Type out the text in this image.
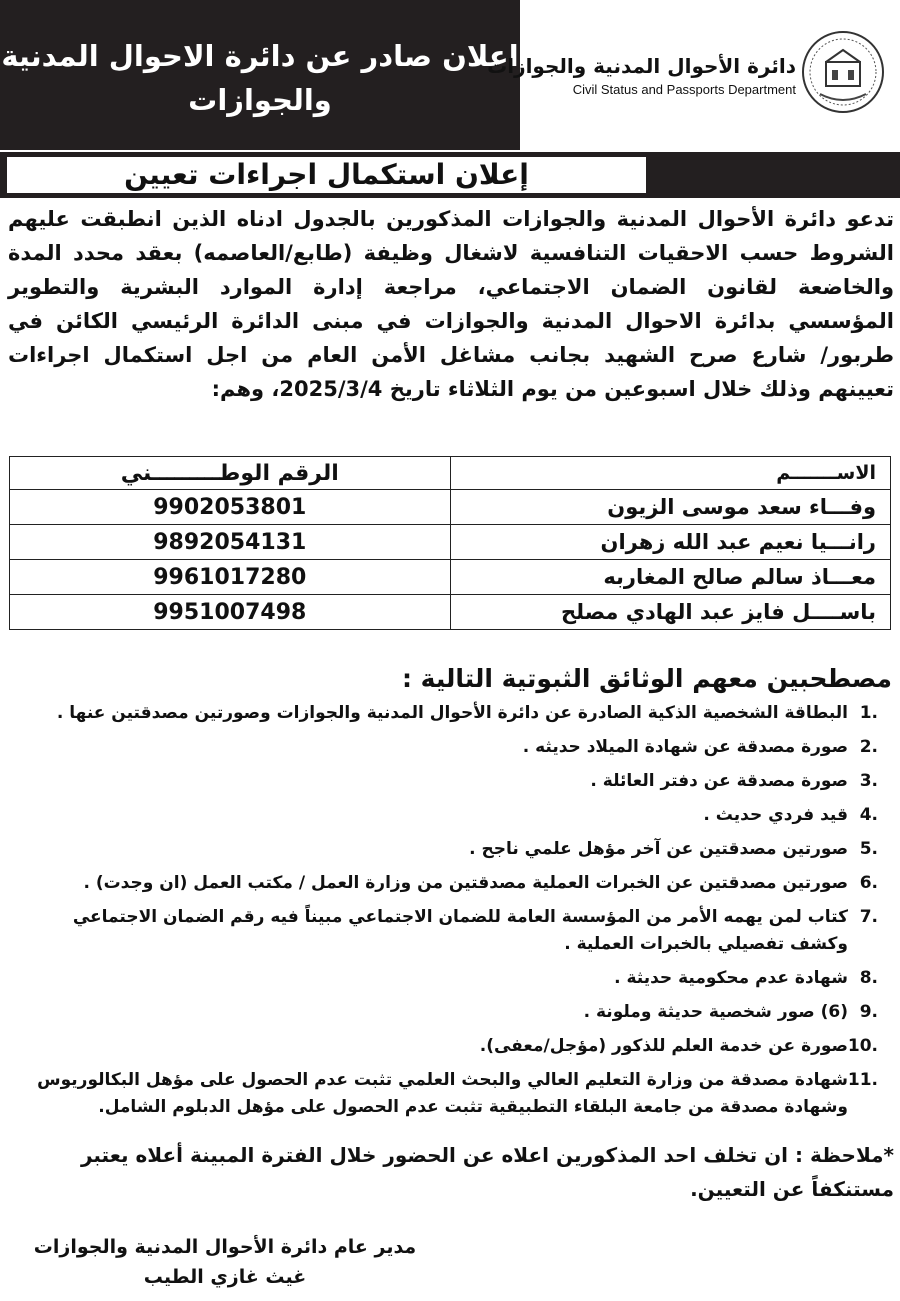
اعلان صادر عن دائرة الاحوال المدنية
والجوازات
دائرة الأحوال المدنية والجوازات
Civil Status and Passports Department
إعلان استكمال اجراءات تعيين

تدعو دائرة الأحوال المدنية والجوازات المذكورين بالجدول ادناه الذين انطبقت عليهم الشروط حسب الاحقيات التنافسية لاشغال وظيفة (طابع/العاصمه) بعقد محدد المدة والخاضعة لقانون الضمان الاجتماعي، مراجعة إدارة الموارد البشرية والتطوير المؤسسي بدائرة الاحوال المدنية والجوازات في مبنى الدائرة الرئيسي الكائن في طربور/ شارع صرح الشهيد بجانب مشاغل الأمن العام من اجل استكمال اجراءات تعيينهم وذلك خلال اسبوعين من يوم الثلاثاء تاريخ 2025/3/4، وهم:

الاســـــــم	الرقم الوطـــــــــني
وفـــاء سعد موسى الزيون	9902053801
رانـــيا نعيم عبد الله زهران	9892054131
معـــاذ سالم صالح المغاربه	9961017280
باســــل فايز عبد الهادي مصلح	9951007498
مصطحبين معهم الوثائق الثبوتية التالية :
.1
البطاقة الشخصية الذكية الصادرة عن دائرة الأحوال المدنية والجوازات وصورتين مصدقتين عنها .
.2
صورة مصدقة عن شهادة الميلاد حديثه .
.3
صورة مصدقة عن دفتر العائلة .
.4
قيد فردي حديث .
.5
صورتين مصدقتين عن آخر مؤهل علمي ناجح .
.6
صورتين مصدقتين عن الخبرات العملية مصدقتين من وزارة العمل / مكتب العمل (ان وجدت) .
.7
كتاب لمن يهمه الأمر من المؤسسة العامة للضمان الاجتماعي مبيناً فيه رقم الضمان الاجتماعي وكشف تفصيلي بالخبرات العملية .
.8
شهادة عدم محكومية حديثة .
.9
(6) صور شخصية حديثة وملونة .
.10
صورة عن خدمة العلم للذكور (مؤجل/معفى).
.11
شهادة مصدقة من وزارة التعليم العالي والبحث العلمي تثبت عدم الحصول على مؤهل البكالوريوس وشهادة مصدقة من جامعة البلقاء التطبيقية تثبت عدم الحصول على مؤهل الدبلوم الشامل.

*ملاحظة : ان تخلف احد المذكورين اعلاه عن الحضور خلال الفترة المبينة أعلاه يعتبر مستنكفاً عن التعيين.

مدير عام دائرة الأحوال المدنية والجوازات
غيث غازي الطيب
